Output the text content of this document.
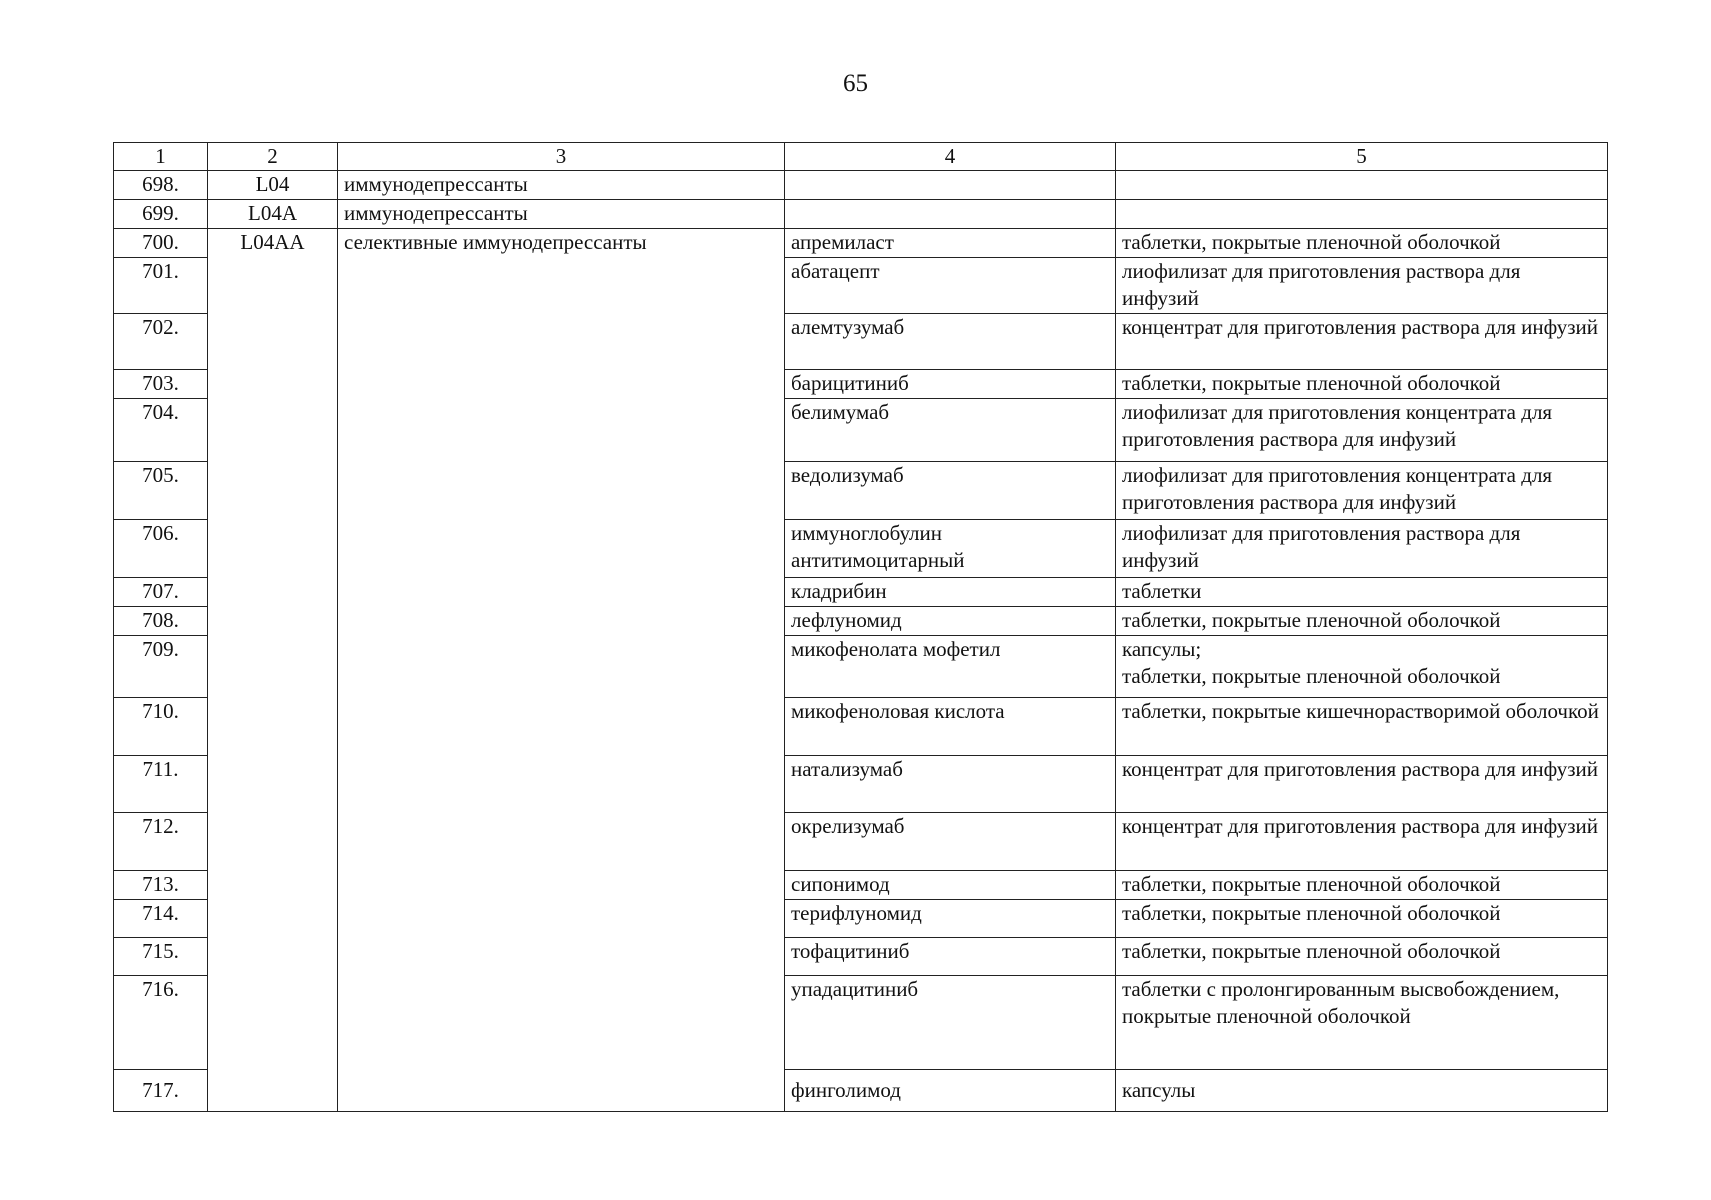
65
1	2	3	4	5
698.	L04	иммунодепрессанты		
699.	L04A	иммунодепрессанты		
700.	L04AA	селективные иммунодепрессанты	апремиласт	таблетки, покрытые пленочной оболочкой
701.			абатацепт	лиофилизат для приготовления раствора для инфузий
702.			алемтузумаб	концентрат для приготовления раствора для инфузий
703.			барицитиниб	таблетки, покрытые пленочной оболочкой
704.			белимумаб	лиофилизат для приготовления концентрата для приготовления раствора для инфузий
705.			ведолизумаб	лиофилизат для приготовления концентрата для приготовления раствора для инфузий
706.			иммуноглобулин антитимоцитарный	лиофилизат для приготовления раствора для инфузий
707.			кладрибин	таблетки
708.			лефлуномид	таблетки, покрытые пленочной оболочкой
709.			микофенолата мофетил	капсулы;
таблетки, покрытые пленочной оболочкой

710.			микофеноловая кислота	таблетки, покрытые кишечнорастворимой оболочкой
711.			натализумаб	концентрат для приготовления раствора для инфузий
712.			окрелизумаб	концентрат для приготовления раствора для инфузий
713.			сипонимод	таблетки, покрытые пленочной оболочкой
714.			терифлуномид	таблетки, покрытые пленочной оболочкой
715.			тофацитиниб	таблетки, покрытые пленочной оболочкой
716.			упадацитиниб	таблетки с пролонгированным высвобождением, покрытые пленочной оболочкой
717.			финголимод	капсулы
